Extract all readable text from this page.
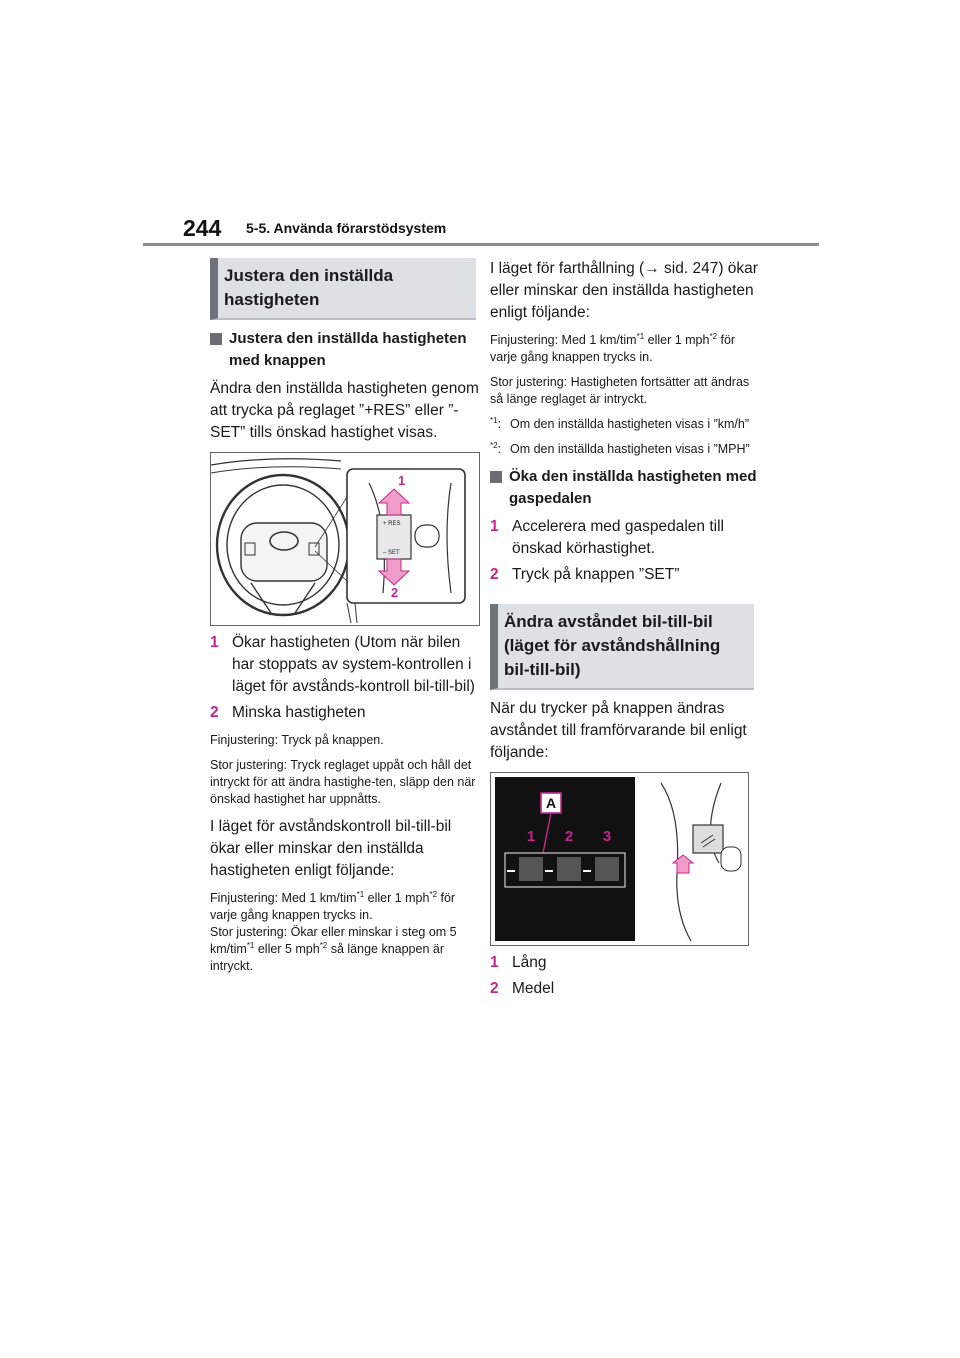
244 5-5. Använda förarstödsystem
Justera den inställda hastigheten
Justera den inställda hastigheten med knappen

Ändra den inställda hastigheten genom att trycka på reglaget ”+RES” eller ”-SET” tills önskad hastighet visas.

+ RES
– SET
1
2
1 Ökar hastigheten (Utom när bilen har stoppats av system-kontrollen i läget för avstånds-kontroll bil-till-bil)
2 Minska hastigheten

Finjustering: Tryck på knappen.

Stor justering: Tryck reglaget uppåt och håll det intryckt för att ändra hastighe-ten, släpp den när önskad hastighet har uppnåtts.

I läget för avståndskontroll bil-till-bil ökar eller minskar den inställda hastigheten enligt följande:

Finjustering: Med 1 km/tim$^{*1}$ eller 1 mph$^{*2}$ för varje gång knappen trycks in.

Stor justering: Ökar eller minskar i steg om 5 km/tim$^{*1}$ eller 5 mph$^{*2}$ så länge knappen är intryckt.

I läget för farthållning (→ sid. 247) ökar eller minskar den inställda hastigheten enligt följande:

Finjustering: Med 1 km/tim$^{*1}$ eller 1 mph$^{*2}$ för varje gång knappen trycks in.

Stor justering: Hastigheten fortsätter att ändras så länge reglaget är intryckt.

$^{*1}$: Om den inställda hastigheten visas i ”km/h”
$^{*2}$: Om den inställda hastigheten visas i ”MPH”
Öka den inställda hastigheten med gaspedalen
1 Accelerera med gaspedalen till önskad körhastighet.
2 Tryck på knappen ”SET”
Ändra avståndet bil-till-bil (läget för avståndshållning bil-till-bil)

När du trycker på knappen ändras avståndet till framförvarande bil enligt följande:

A
1 2 3
1 Lång
2 Medel
